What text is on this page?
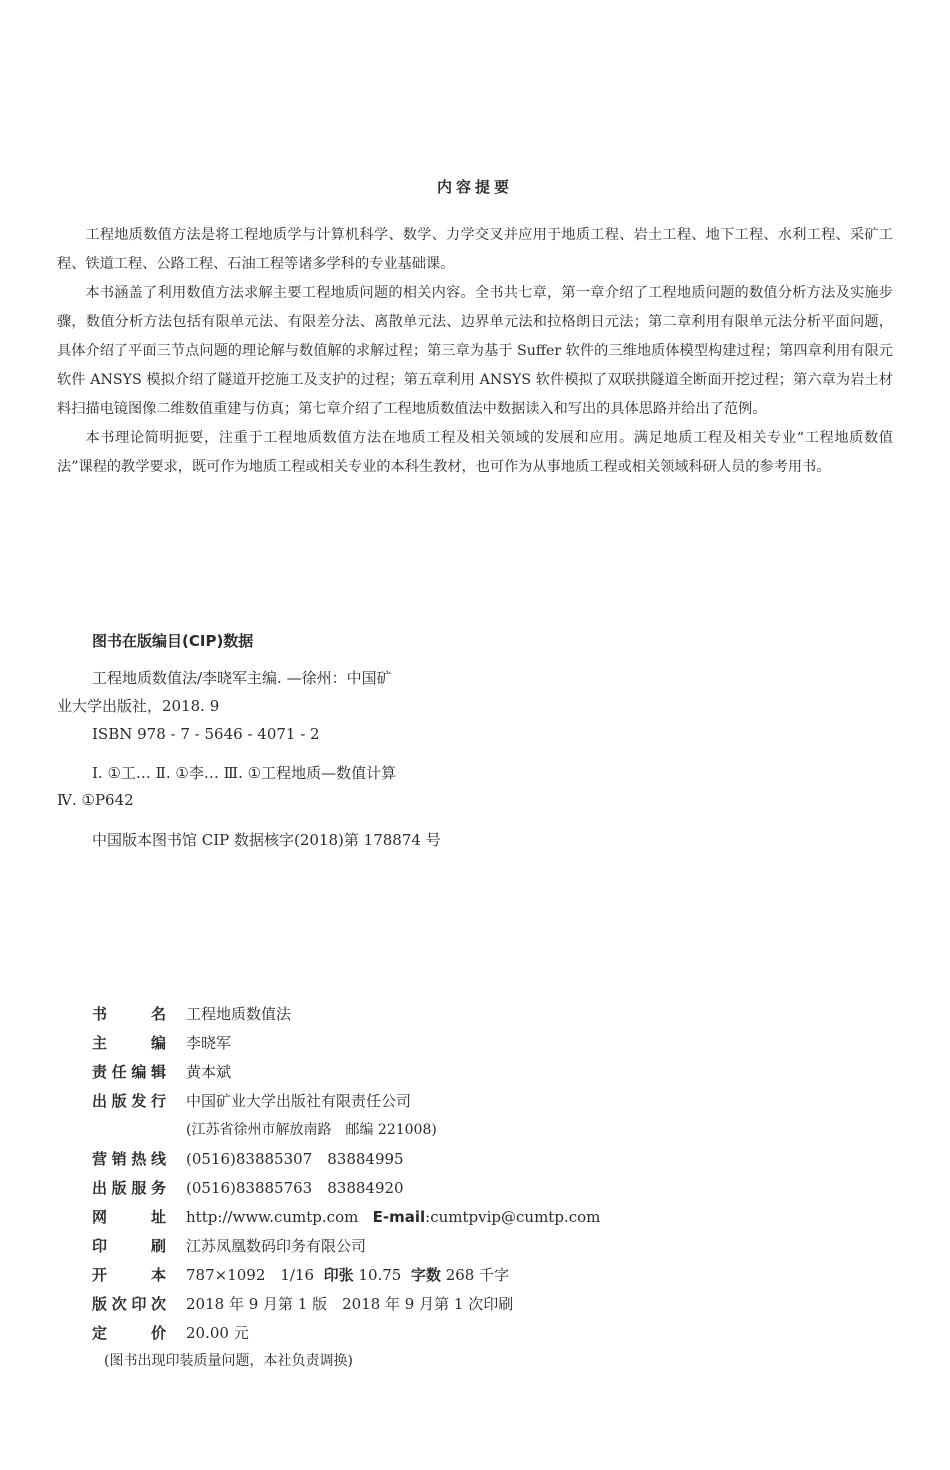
内容提要

工程地质数值方法是将工程地质学与计算机科学、数学、力学交叉并应用于地质工程、岩土工程、地下工程、水利工程、采矿工程、铁道工程、公路工程、石油工程等诸多学科的专业基础课。

本书涵盖了利用数值方法求解主要工程地质问题的相关内容。全书共七章，第一章介绍了工程地质问题的数值分析方法及实施步骤，数值分析方法包括有限单元法、有限差分法、离散单元法、边界单元法和拉格朗日元法；第二章利用有限单元法分析平面问题，具体介绍了平面三节点问题的理论解与数值解的求解过程；第三章为基于 Suffer 软件的三维地质体模型构建过程；第四章利用有限元软件 ANSYS 模拟介绍了隧道开挖施工及支护的过程；第五章利用 ANSYS 软件模拟了双联拱隧道全断面开挖过程；第六章为岩土材料扫描电镜图像二维数值重建与仿真；第七章介绍了工程地质数值法中数据读入和写出的具体思路并给出了范例。

本书理论简明扼要，注重于工程地质数值方法在地质工程及相关领域的发展和应用。满足地质工程及相关专业“工程地质数值法”课程的教学要求，既可作为地质工程或相关专业的本科生教材，也可作为从事地质工程或相关领域科研人员的参考用书。

图书在版编目(CIP)数据
工程地质数值法/李晓军主编. —徐州：中国矿
业大学出版社，2018. 9
ISBN 978 - 7 - 5646 - 4071 - 2
Ⅰ. ①工… Ⅱ. ①李… Ⅲ. ①工程地质—数值计算
Ⅳ. ①P642
中国版本图书馆 CIP 数据核字(2018)第 178874 号
书名 工程地质数值法
主编 李晓军
责任编辑 黄本斌
出版发行 中国矿业大学出版社有限责任公司
(江苏省徐州市解放南路　邮编 221008)
营销热线 (0516)83885307　83884995
出版服务 (0516)83885763　83884920
网址 http://www.cumtp.com E-mail:cumtpvip@cumtp.com
印刷 江苏凤凰数码印务有限公司
开本 787×1092　1/16 印张 10.75 字数 268 千字
版次印次 2018 年 9 月第 1 版　2018 年 9 月第 1 次印刷
定价 20.00 元
(图书出现印装质量问题，本社负责调换)
